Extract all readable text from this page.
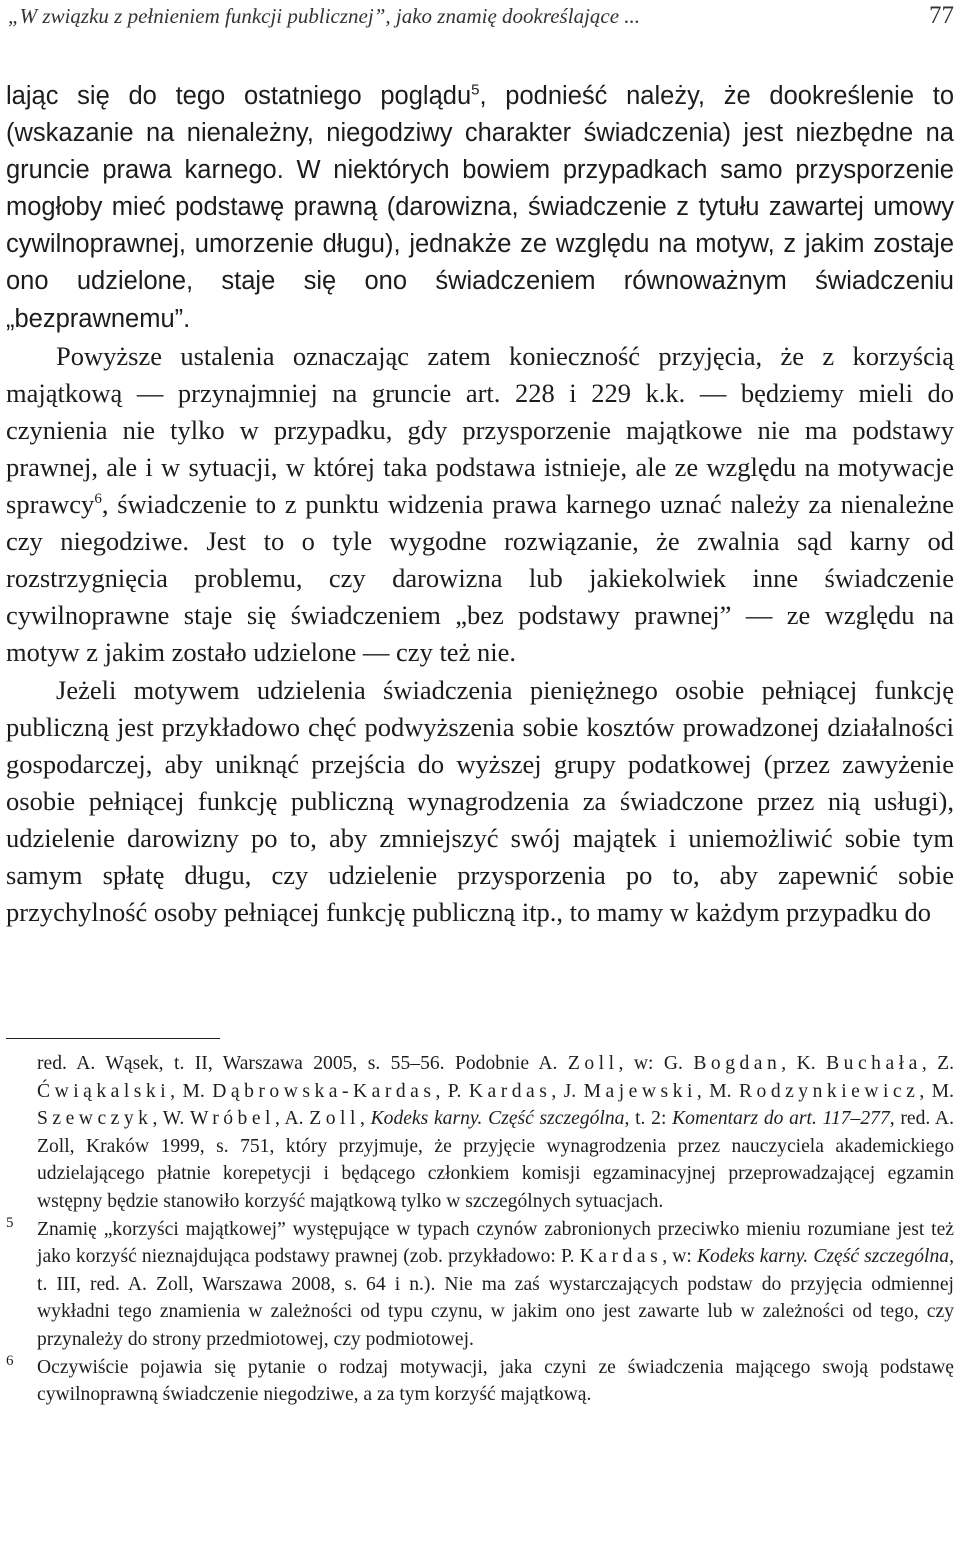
„W związku z pełnieniem funkcji publicznej”, jako znamię dookreślające ...	77

lając się do tego ostatniego poglądu$^5$, podnieść należy, że dookreślenie to (wskazanie na nienależny, niegodziwy charakter świadczenia) jest niezbędne na gruncie prawa karnego. W niektórych bowiem przypadkach samo przysporzenie mogłoby mieć podstawę prawną (darowizna, świadczenie z tytułu zawartej umowy cywilnoprawnej, umorzenie długu), jednakże ze względu na motyw, z jakim zostaje ono udzielone, staje się ono świadczeniem równoważnym świadczeniu „bezprawnemu”.

Powyższe ustalenia oznaczając zatem konieczność przyjęcia, że z korzyścią majątkową — przynajmniej na gruncie art. 228 i 229 k.k. — będziemy mieli do czynienia nie tylko w przypadku, gdy przysporzenie majątkowe nie ma podstawy prawnej, ale i w sytuacji, w której taka podstawa istnieje, ale ze względu na motywacje sprawcy$^6$, świadczenie to z punktu widzenia prawa karnego uznać należy za nienależne czy niegodziwe. Jest to o tyle wygodne rozwiązanie, że zwalnia sąd karny od rozstrzygnięcia problemu, czy darowizna lub jakiekolwiek inne świadczenie cywilnoprawne staje się świadczeniem „bez podstawy prawnej” — ze względu na motyw z jakim zostało udzielone — czy też nie.

Jeżeli motywem udzielenia świadczenia pieniężnego osobie pełniącej funkcję publiczną jest przykładowo chęć podwyższenia sobie kosztów prowadzonej działalności gospodarczej, aby uniknąć przejścia do wyższej grupy podatkowej (przez zawyżenie osobie pełniącej funkcję publiczną wynagrodzenia za świadczone przez nią usługi), udzielenie darowizny po to, aby zmniejszyć swój majątek i uniemożliwić sobie tym samym spłatę długu, czy udzielenie przysporzenia po to, aby zapewnić sobie przychylność osoby pełniącej funkcję publiczną itp., to mamy w każdym przypadku do

red. A. Wąsek, t. II, Warszawa 2005, s. 55–56. Podobnie A. Zoll, w: G. Bogdan, K. Buchała, Z. Ćwiąkalski, M. Dąbrowska-Kardas, P. Kardas, J. Majewski, M. Rodzynkiewicz, M. Szewczyk, W. Wróbel, A. Zoll, Kodeks karny. Część szczególna, t. 2: Komentarz do art. 117–277, red. A. Zoll, Kraków 1999, s. 751, który przyjmuje, że przyjęcie wynagrodzenia przez nauczyciela akademickiego udzielającego płatnie korepetycji i będącego członkiem komisji egzaminacyjnej przeprowadzającej egzamin wstępny będzie stanowiło korzyść majątkową tylko w szczególnych sytuacjach.
5 Znamię „korzyści majątkowej” występujące w typach czynów zabronionych przeciwko mieniu rozumiane jest też jako korzyść nieznajdująca podstawy prawnej (zob. przykładowo: P. Kardas, w: Kodeks karny. Część szczególna, t. III, red. A. Zoll, Warszawa 2008, s. 64 i n.). Nie ma zaś wystarczających podstaw do przyjęcia odmiennej wykładni tego znamienia w zależności od typu czynu, w jakim ono jest zawarte lub w zależności od tego, czy przynależy do strony przedmiotowej, czy podmiotowej.
6 Oczywiście pojawia się pytanie o rodzaj motywacji, jaka czyni ze świadczenia mającego swoją podstawę cywilnoprawną świadczenie niegodziwe, a za tym korzyść majątkową.
